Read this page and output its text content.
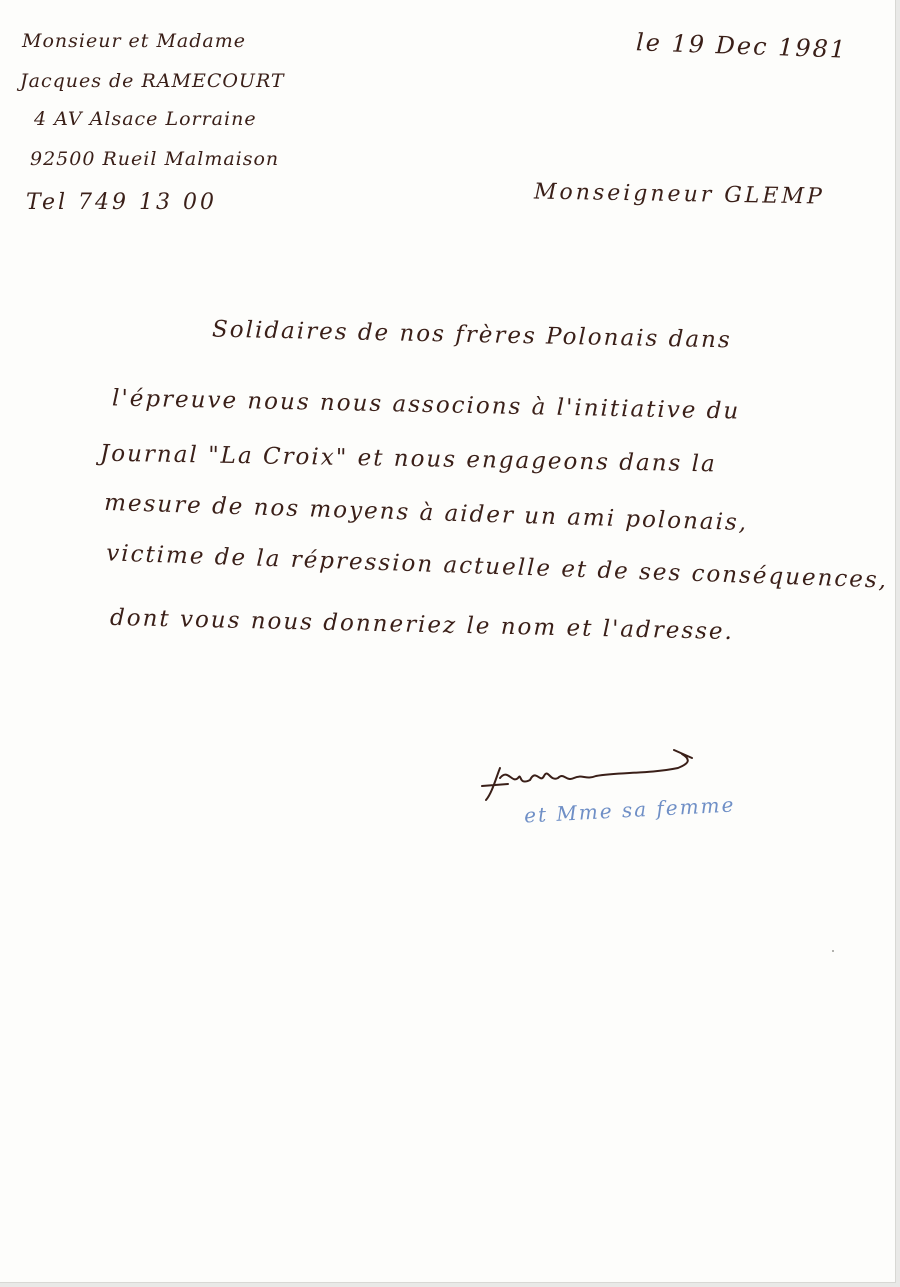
Monsieur et Madame
Jacques de RAMECOURT
4 AV Alsace Lorraine
92500 Rueil Malmaison
Tel 749 13 00
le 19 Dec 1981
Monseigneur GLEMP
Solidaires de nos frères Polonais dans
l'épreuve nous nous associons à l'initiative du
Journal "La Croix" et nous engageons dans la
mesure de nos moyens à aider un ami polonais,
victime de la répression actuelle et de ses conséquences,
dont vous nous donneriez le nom et l'adresse.
et Mme sa femme
